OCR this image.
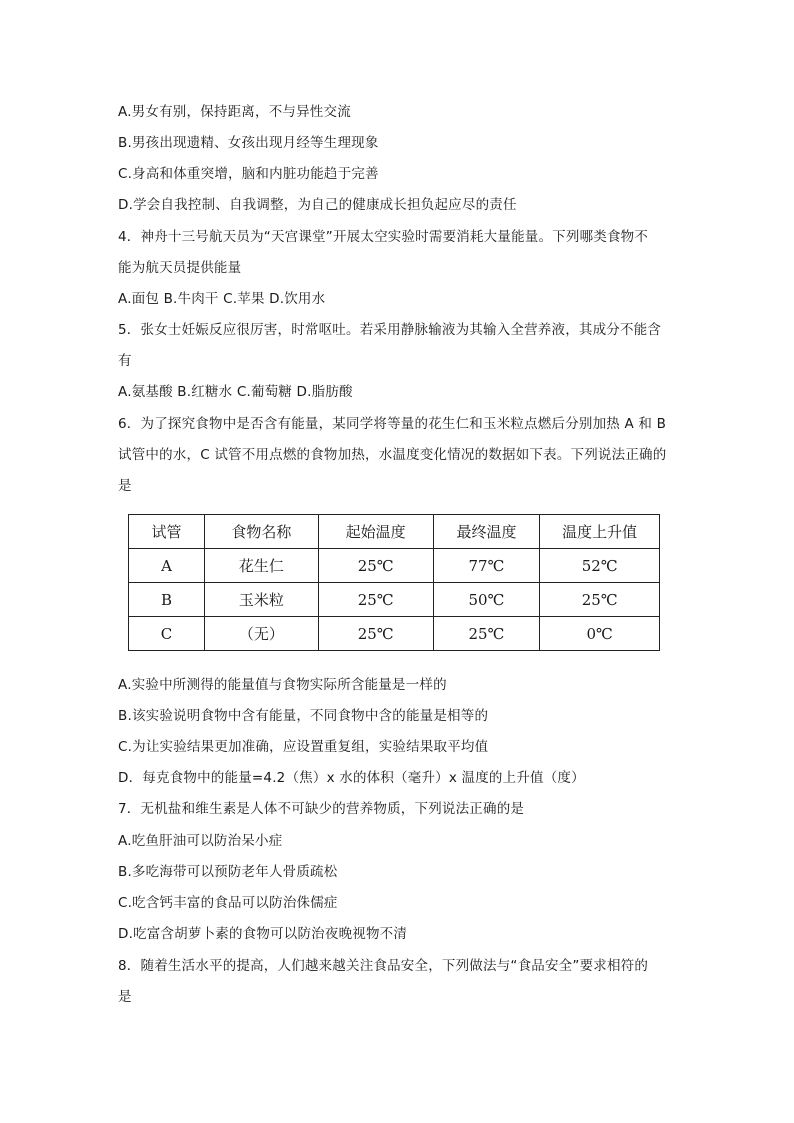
A.男女有别，保持距离，不与异性交流
B.男孩出现遗精、女孩出现月经等生理现象
C.身高和体重突增，脑和内脏功能趋于完善
D.学会自我控制、自我调整，为自己的健康成长担负起应尽的责任
4．神舟十三号航天员为“天宫课堂”开展太空实验时需要消耗大量能量。下列哪类食物不
能为航天员提供能量
A.面包 B.牛肉干 C.苹果 D.饮用水
5．张女士妊娠反应很厉害，时常呕吐。若采用静脉输液为其输入全营养液，其成分不能含
有
A.氨基酸 B.红糖水 C.葡萄糖 D.脂肪酸
6．为了探究食物中是否含有能量，某同学将等量的花生仁和玉米粒点燃后分别加热 A 和 B
试管中的水，C 试管不用点燃的食物加热，水温度变化情况的数据如下表。下列说法正确的
是
试管	食物名称	起始温度	最终温度	温度上升值
A	花生仁	25℃	77℃	52℃
B	玉米粒	25℃	50℃	25℃
C	（无）	25℃	25℃	0℃
A.实验中所测得的能量值与食物实际所含能量是一样的
B.该实验说明食物中含有能量，不同食物中含的能量是相等的
C.为让实验结果更加准确，应设置重复组，实验结果取平均值
D．每克食物中的能量=4.2（焦）x 水的体积（毫升）x 温度的上升值（度）
7．无机盐和维生素是人体不可缺少的营养物质，下列说法正确的是
A.吃鱼肝油可以防治呆小症
B.多吃海带可以预防老年人骨质疏松
C.吃含钙丰富的食品可以防治侏儒症
D.吃富含胡萝卜素的食物可以防治夜晚视物不清
8．随着生活水平的提高，人们越来越关注食品安全，下列做法与“食品安全”要求相符的
是
